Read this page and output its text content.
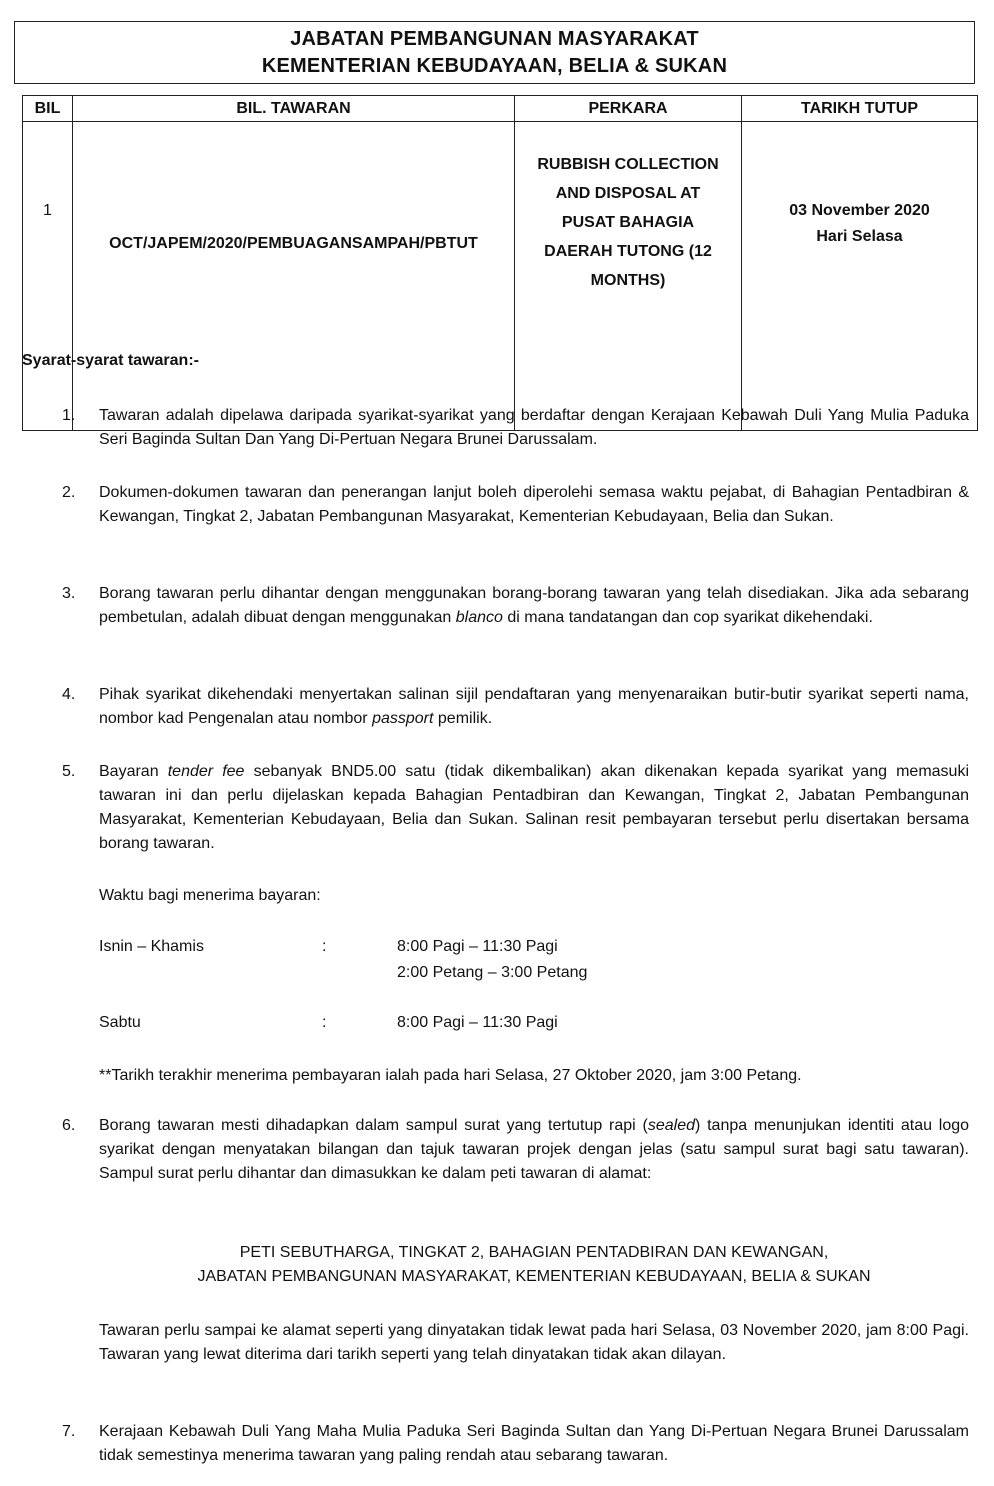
JABATAN PEMBANGUNAN MASYARAKAT
KEMENTERIAN KEBUDAYAAN, BELIA & SUKAN
BIL	BIL. TAWARAN	PERKARA	TARIKH TUTUP
1	OCT/JAPEM/2020/PEMBUAGANSAMPAH/PBTUT	RUBBISH COLLECTION AND DISPOSAL AT PUSAT BAHAGIA DAERAH TUTONG (12 MONTHS)	03 November 2020
Hari Selasa
Syarat-syarat tawaran:-
1. Tawaran adalah dipelawa daripada syarikat-syarikat yang berdaftar dengan Kerajaan Kebawah Duli Yang Mulia Paduka Seri Baginda Sultan Dan Yang Di-Pertuan Negara Brunei Darussalam.

2. Dokumen-dokumen tawaran dan penerangan lanjut boleh diperolehi semasa waktu pejabat, di Bahagian Pentadbiran & Kewangan, Tingkat 2, Jabatan Pembangunan Masyarakat, Kementerian Kebudayaan, Belia dan Sukan.

3. Borang tawaran perlu dihantar dengan menggunakan borang-borang tawaran yang telah disediakan. Jika ada sebarang pembetulan, adalah dibuat dengan menggunakan blanco di mana tandatangan dan cop syarikat dikehendaki.

4. Pihak syarikat dikehendaki menyertakan salinan sijil pendaftaran yang menyenaraikan butir-butir syarikat seperti nama, nombor kad Pengenalan atau nombor passport pemilik.

5. Bayaran tender fee sebanyak BND5.00 satu (tidak dikembalikan) akan dikenakan kepada syarikat yang memasuki tawaran ini dan perlu dijelaskan kepada Bahagian Pentadbiran dan Kewangan, Tingkat 2, Jabatan Pembangunan Masyarakat, Kementerian Kebudayaan, Belia dan Sukan. Salinan resit pembayaran tersebut perlu disertakan bersama borang tawaran.

Waktu bagi menerima bayaran:
Isnin – Khamis	:	8:00 Pagi – 11:30 Pagi
2:00 Petang – 3:00 Petang
Sabtu	:	8:00 Pagi – 11:30 Pagi
**Tarikh terakhir menerima pembayaran ialah pada hari Selasa, 27 Oktober 2020, jam 3:00 Petang.
6. Borang tawaran mesti dihadapkan dalam sampul surat yang tertutup rapi (sealed) tanpa menunjukan identiti atau logo syarikat dengan menyatakan bilangan dan tajuk tawaran projek dengan jelas (satu sampul surat bagi satu tawaran). Sampul surat perlu dihantar dan dimasukkan ke dalam peti tawaran di alamat:

PETI SEBUTHARGA, TINGKAT 2, BAHAGIAN PENTADBIRAN DAN KEWANGAN,
JABATAN PEMBANGUNAN MASYARAKAT, KEMENTERIAN KEBUDAYAAN, BELIA & SUKAN

Tawaran perlu sampai ke alamat seperti yang dinyatakan tidak lewat pada hari Selasa, 03 November 2020, jam 8:00 Pagi. Tawaran yang lewat diterima dari tarikh seperti yang telah dinyatakan tidak akan dilayan.

7. Kerajaan Kebawah Duli Yang Maha Mulia Paduka Seri Baginda Sultan dan Yang Di-Pertuan Negara Brunei Darussalam tidak semestinya menerima tawaran yang paling rendah atau sebarang tawaran.
